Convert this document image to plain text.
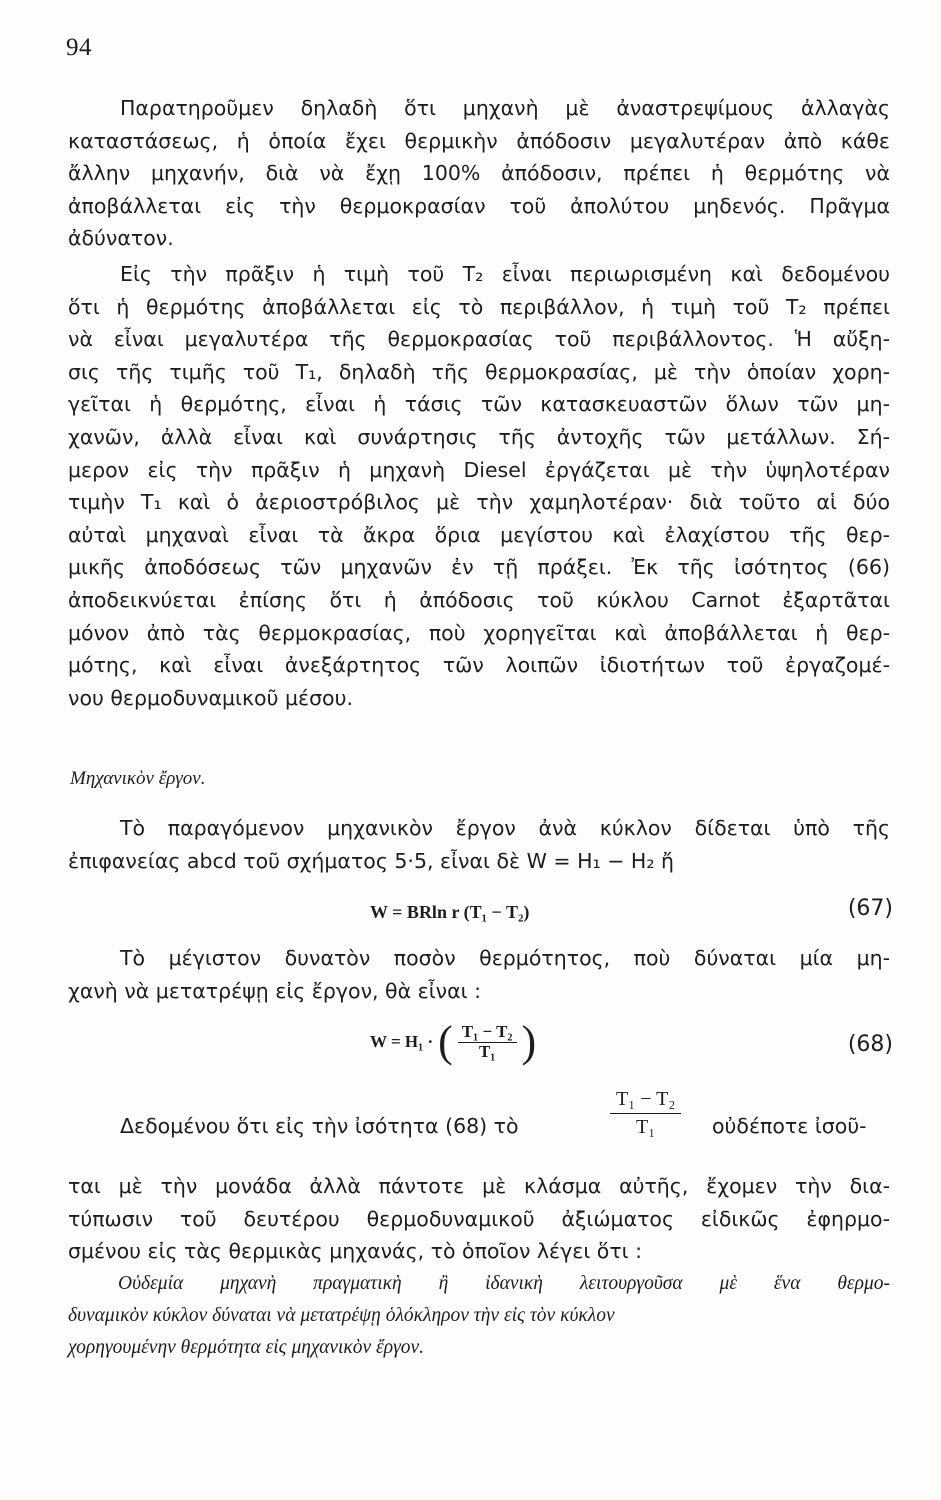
94

Παρατηροῦμεν δηλαδὴ ὅτι μηχανὴ μὲ ἀναστρεψίμους ἀλλαγὰς
καταστάσεως, ἡ ὁποία ἔχει θερμικὴν ἀπόδοσιν μεγαλυτέραν ἀπὸ κάθε
ἄλλην μηχανήν, διὰ νὰ ἔχῃ 100% ἀπόδοσιν, πρέπει ἡ θερμότης νὰ
ἀποβάλλεται εἰς τὴν θερμοκρασίαν τοῦ ἀπολύτου μηδενός. Πρᾶγμα
ἀδύνατον.

Εἰς τὴν πρᾶξιν ἡ τιμὴ τοῦ T₂ εἶναι περιωρισμένη καὶ δεδομένου
ὅτι ἡ θερμότης ἀποβάλλεται εἰς τὸ περιβάλλον, ἡ τιμὴ τοῦ T₂ πρέπει
νὰ εἶναι μεγαλυτέρα τῆς θερμοκρασίας τοῦ περιβάλλοντος. Ἡ αὔξη-
σις τῆς τιμῆς τοῦ T₁, δηλαδὴ τῆς θερμοκρασίας, μὲ τὴν ὁποίαν χορη-
γεῖται ἡ θερμότης, εἶναι ἡ τάσις τῶν κατασκευαστῶν ὅλων τῶν μη-
χανῶν, ἀλλὰ εἶναι καὶ συνάρτησις τῆς ἀντοχῆς τῶν μετάλλων. Σή-
μερον εἰς τὴν πρᾶξιν ἡ μηχανὴ Diesel ἐργάζεται μὲ τὴν ὑψηλοτέραν
τιμὴν T₁ καὶ ὁ ἀεριοστρόβιλος μὲ τὴν χαμηλοτέραν· διὰ τοῦτο αἱ δύο
αὐταὶ μηχαναὶ εἶναι τὰ ἄκρα ὅρια μεγίστου καὶ ἐλαχίστου τῆς θερ-
μικῆς ἀποδόσεως τῶν μηχανῶν ἐν τῇ πράξει. Ἐκ τῆς ἰσότητος (66)
ἀποδεικνύεται ἐπίσης ὅτι ἡ ἀπόδοσις τοῦ κύκλου Carnot ἐξαρτᾶται
μόνον ἀπὸ τὰς θερμοκρασίας, ποὺ χορηγεῖται καὶ ἀποβάλλεται ἡ θερ-
μότης, καὶ εἶναι ἀνεξάρτητος τῶν λοιπῶν ἰδιοτήτων τοῦ ἐργαζομέ-
νου θερμοδυναμικοῦ μέσου.

Μηχανικὸν ἔργον.

Τὸ παραγόμενον μηχανικὸν ἔργον ἀνὰ κύκλον δίδεται ὑπὸ τῆς
ἐπιφανείας abcd τοῦ σχήματος 5·5, εἶναι δὲ W = H₁ − H₂ ἤ

W = BRln r (T₁ − T₂)	(67)

Τὸ μέγιστον δυνατὸν ποσὸν θερμότητος, ποὺ δύναται μία μη-
χανὴ νὰ μετατρέψῃ εἰς ἔργον, θὰ εἶναι :

W = H₁ · ( $\frac{\text{T₁ − T₂}}{\text{T₁}}$ )	(68)
Δεδομένου ὅτι εἰς τὴν ἰσότητα (68) τὸ	$\frac{\text{T₁ − T₂}}{\text{T₁}}$ οὐδέποτε ἰσοῦ-

ται μὲ τὴν μονάδα ἀλλὰ πάντοτε μὲ κλάσμα αὐτῆς, ἔχομεν τὴν δια-
τύπωσιν τοῦ δευτέρου θερμοδυναμικοῦ ἀξιώματος εἰδικῶς ἐφηρμο-
σμένου εἰς τὰς θερμικὰς μηχανάς, τὸ ὁποῖον λέγει ὅτι :

Οὐδεμία μηχανὴ πραγματικὴ ἢ ἰδανικὴ λειτουργοῦσα μὲ ἕνα θερμο-
δυναμικὸν κύκλον δύναται νὰ μετατρέψῃ ὁλόκληρον τὴν εἰς τὸν κύκλον
χορηγουμένην θερμότητα εἰς μηχανικὸν ἔργον.
